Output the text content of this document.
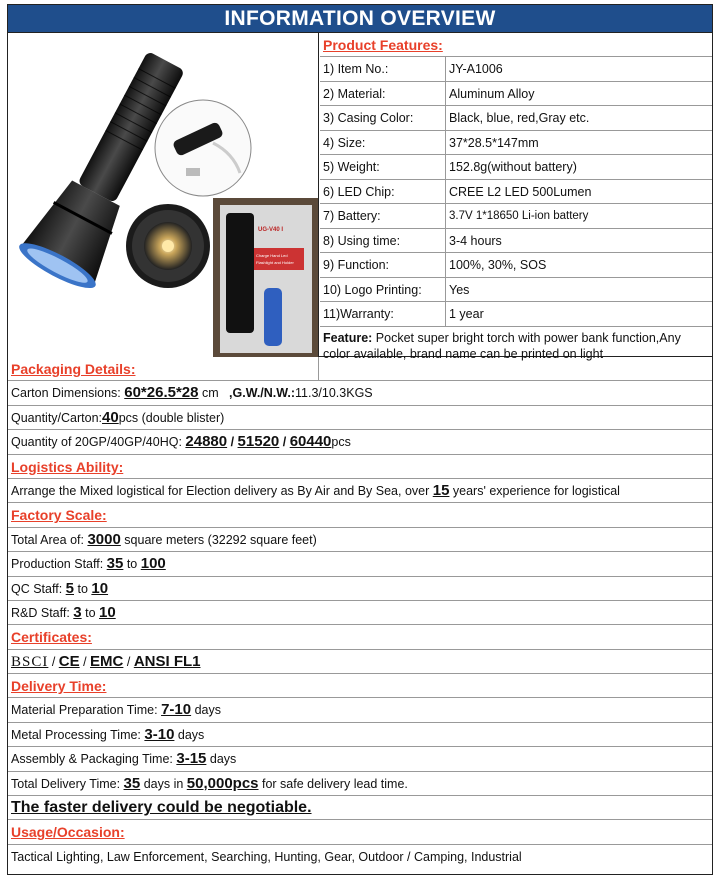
INFORMATION OVERVIEW
UG-V40 I
Charge Hand Led
Flashlight and Holder
Product Features:
1) Item No.:	JY-A1006
2) Material:	Aluminum Alloy
3) Casing Color:	Black, blue, red,Gray etc.
4) Size:	37*28.5*147mm
5) Weight:	152.8g(without battery)
6) LED Chip:	CREE L2 LED 500Lumen
7) Battery:	3.7V 1*18650 Li-ion battery
8) Using time:	3-4 hours
9) Function:	100%, 30%, SOS
10) Logo Printing:	Yes
11)Warranty:	1 year
Feature: Pocket super bright torch with power bank function,Any color available, brand name can be printed on light
Packaging Details:
Carton Dimensions: 60*26.5*28 cm   ,G.W./N.W.:11.3/10.3KGS
Quantity/Carton:40pcs (double blister)
Quantity of 20GP/40GP/40HQ: 24880 / 51520 / 60440pcs
Logistics Ability:
Arrange the Mixed logistical for Election delivery as By Air and By Sea, over 15 years' experience for logistical
Factory Scale:
Total Area of: 3000 square meters (32292 square feet)
Production Staff: 35 to 100
QC Staff: 5 to 10
R&D Staff: 3 to 10
Certificates:
BSCI / CE / EMC / ANSI FL1
Delivery Time:
Material Preparation Time: 7-10 days
Metal Processing Time: 3-10 days
Assembly & Packaging Time: 3-15 days
Total Delivery Time: 35 days in 50,000pcs for safe delivery lead time.
The faster delivery could be negotiable.
Usage/Occasion:
Tactical Lighting, Law Enforcement, Searching, Hunting, Gear, Outdoor / Camping, Industrial
